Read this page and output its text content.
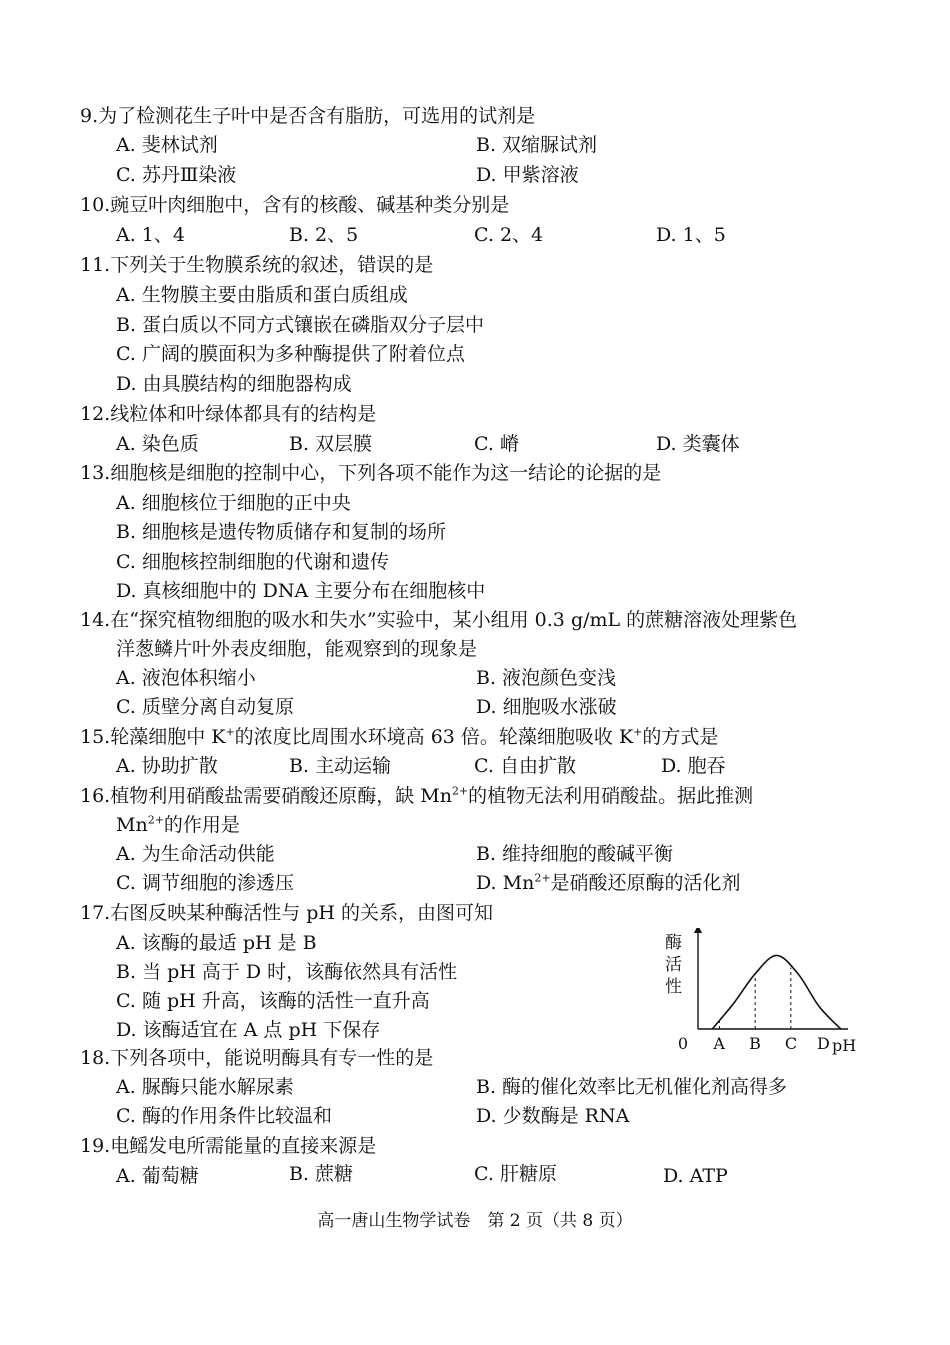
9.为了检测花生子叶中是否含有脂肪，可选用的试剂是
A. 斐林试剂	B. 双缩脲试剂
C. 苏丹Ⅲ染液	D. 甲紫溶液
10.豌豆叶肉细胞中，含有的核酸、碱基种类分别是
A. 1、4	B. 2、5	C. 2、4	D. 1、5
11.下列关于生物膜系统的叙述，错误的是
A. 生物膜主要由脂质和蛋白质组成
B. 蛋白质以不同方式镶嵌在磷脂双分子层中
C. 广阔的膜面积为多种酶提供了附着位点
D. 由具膜结构的细胞器构成
12.线粒体和叶绿体都具有的结构是
A. 染色质	B. 双层膜	C. 嵴	D. 类囊体
13.细胞核是细胞的控制中心，下列各项不能作为这一结论的论据的是
A. 细胞核位于细胞的正中央
B. 细胞核是遗传物质储存和复制的场所
C. 细胞核控制细胞的代谢和遗传
D. 真核细胞中的 DNA 主要分布在细胞核中
14.在“探究植物细胞的吸水和失水”实验中，某小组用 0.3 g/mL 的蔗糖溶液处理紫色
洋葱鳞片叶外表皮细胞，能观察到的现象是
A. 液泡体积缩小	B. 液泡颜色变浅
C. 质壁分离自动复原	D. 细胞吸水涨破
15.轮藻细胞中 K+的浓度比周围水环境高 63 倍。轮藻细胞吸收 K+的方式是
A. 协助扩散	B. 主动运输	C. 自由扩散	D. 胞吞
16.植物利用硝酸盐需要硝酸还原酶，缺 $Mn^{2+}$的植物无法利用硝酸盐。据此推测
$Mn^{2+}$的作用是
A. 为生命活动供能	B. 维持细胞的酸碱平衡
C. 调节细胞的渗透压	D. $Mn^{2+}$是硝酸还原酶的活化剂
17.右图反映某种酶活性与 pH 的关系，由图可知
A. 该酶的最适 pH 是 B
B. 当 pH 高于 D 时，该酶依然具有活性
C. 随 pH 升高，该酶的活性一直升高
D. 该酶适宜在 A 点 pH 下保存
酶
活
性
A B C D
0	pH
18.下列各项中，能说明酶具有专一性的是
A. 脲酶只能水解尿素	B. 酶的催化效率比无机催化剂高得多
C. 酶的作用条件比较温和	D. 少数酶是 RNA
19.电鳐发电所需能量的直接来源是
A. 葡萄糖	B. 蔗糖	C. 肝糖原	D. ATP
高一唐山生物学试卷　第 2 页（共 8 页）
